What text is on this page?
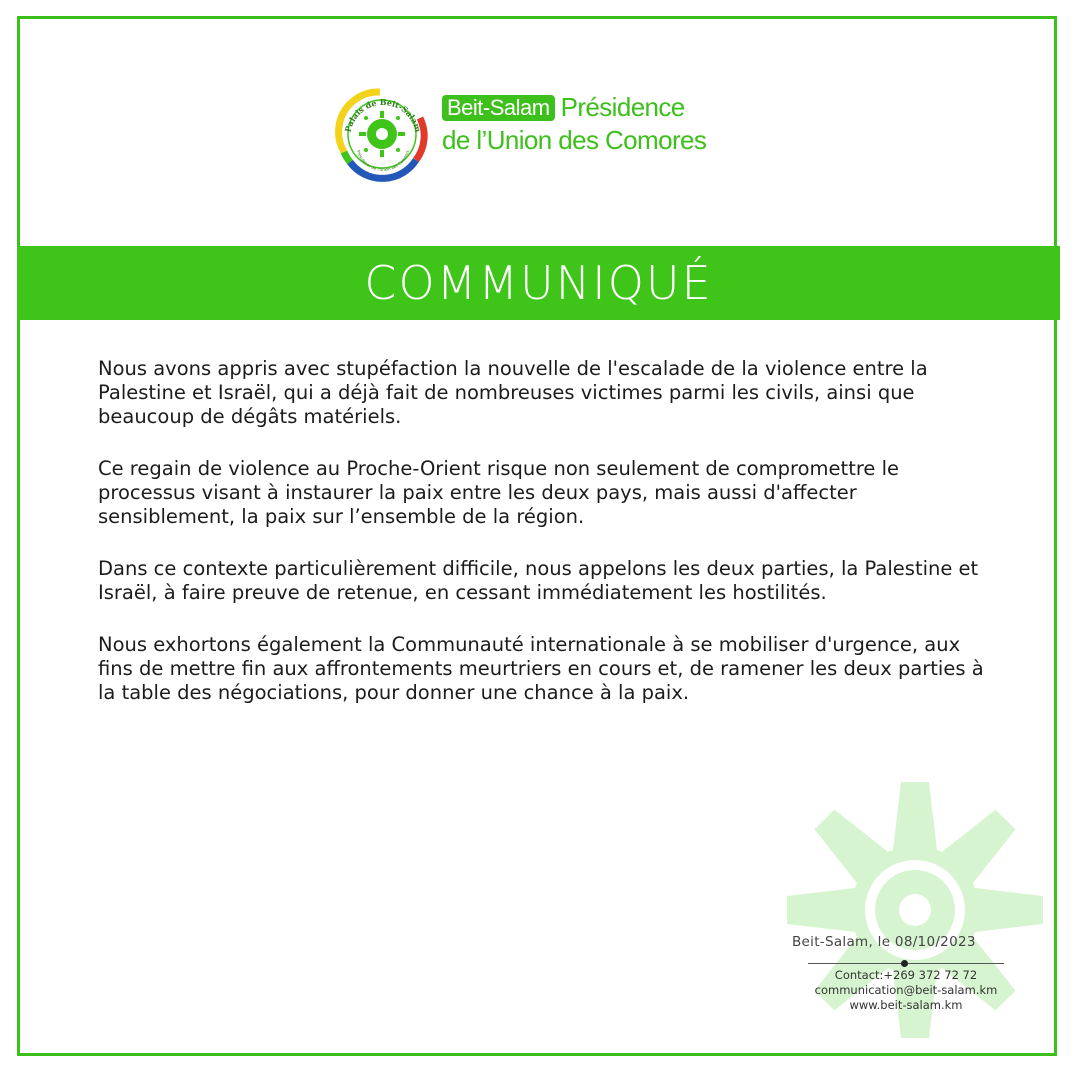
Palais de Beit-Salam
Présidence de l'Union des Comores
Beit-Salam Présidence
de l’Union des Comores
COMMUNIQUÉ

Nous avons appris avec stupéfaction la nouvelle de l'escalade de la violence entre la Palestine et Israël, qui a déjà fait de nombreuses victimes parmi les civils, ainsi que beaucoup de dégâts matériels.

Ce regain de violence au Proche-Orient risque non seulement de compromettre le processus visant à instaurer la paix entre les deux pays, mais aussi d'affecter sensiblement, la paix sur l’ensemble de la région.

Dans ce contexte particulièrement difficile, nous appelons les deux parties, la Palestine et Israël, à faire preuve de retenue, en cessant immédiatement les hostilités.

Nous exhortons également la Communauté internationale à se mobiliser d'urgence, aux fins de mettre fin aux affrontements meurtriers en cours et, de ramener les deux parties à la table des négociations, pour donner une chance à la paix.

Beit-Salam, le 08/10/2023
Contact:+269 372 72 72
communication@beit-salam.km
www.beit-salam.km
